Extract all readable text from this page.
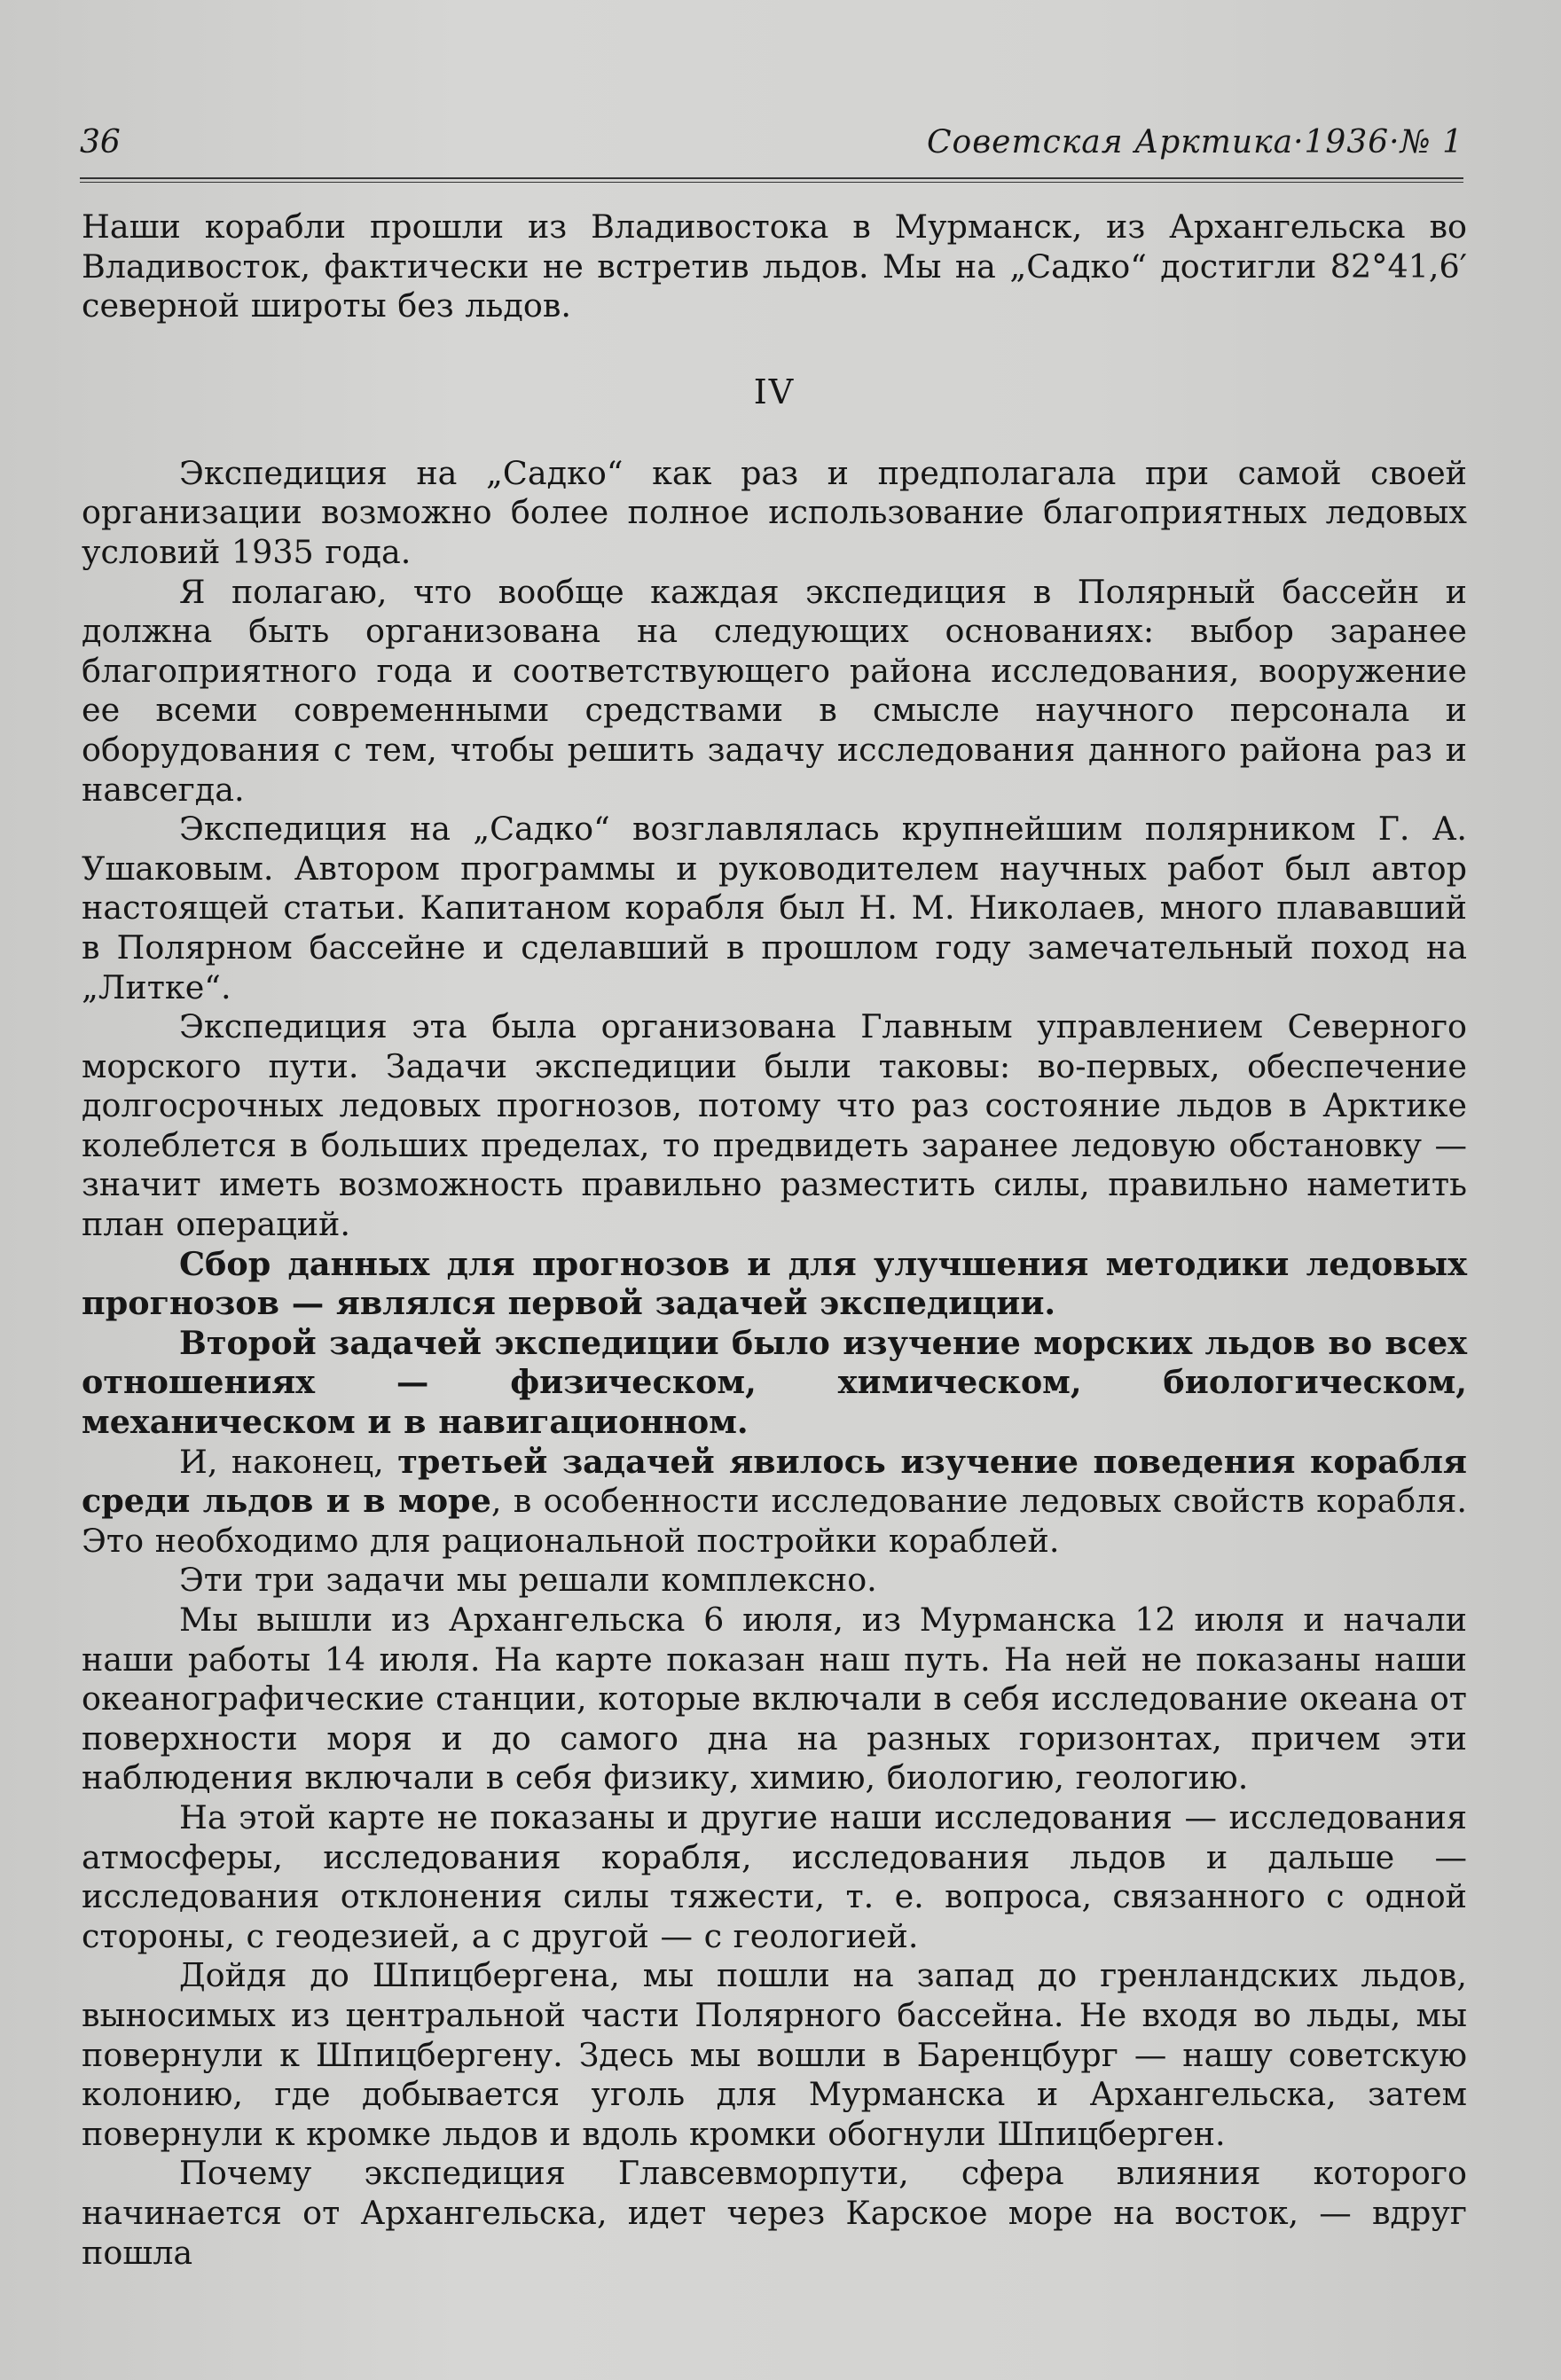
36	Советская Арктика·1936·№ 1

Наши корабли прошли из Владивостока в Мурманск, из Архангельска во Владивосток, фактически не встретив льдов. Мы на „Садко“ достигли 82°41,6′ северной широты без льдов.

IV

Экспедиция на „Садко“ как раз и предполагала при самой своей организации возможно более полное использование благоприятных ледовых условий 1935 года.

Я полагаю, что вообще каждая экспедиция в Полярный бассейн и должна быть организована на следующих основаниях: выбор заранее благоприятного года и соответствующего района исследования, вооружение ее всеми современными средствами в смысле научного персонала и оборудования с тем, чтобы решить задачу исследования данного района раз и навсегда.

Экспедиция на „Садко“ возглавлялась крупнейшим полярником Г. А. Ушаковым. Автором программы и руководителем научных работ был автор настоящей статьи. Капитаном корабля был Н. М. Николаев, много плававший в Полярном бассейне и сделавший в прошлом году замечательный поход на „Литке“.

Экспедиция эта была организована Главным управлением Северного морского пути. Задачи экспедиции были таковы: во-первых, обеспечение долгосрочных ледовых прогнозов, потому что раз состояние льдов в Арктике колеблется в больших пределах, то предвидеть заранее ледовую обстановку — значит иметь возможность правильно разместить силы, правильно наметить план операций.

Сбор данных для прогнозов и для улучшения методики ледовых прогнозов — являлся первой задачей экспедиции.

Второй задачей экспедиции было изучение морских льдов во всех отношениях — физическом, химическом, биологическом, механическом и в навигационном.

И, наконец, третьей задачей явилось изучение поведения корабля среди льдов и в море, в особенности исследование ледовых свойств корабля. Это необходимо для рациональной постройки кораблей.

Эти три задачи мы решали комплексно.

Мы вышли из Архангельска 6 июля, из Мурманска 12 июля и начали наши работы 14 июля. На карте показан наш путь. На ней не показаны наши океанографические станции, которые включали в себя исследование океана от поверхности моря и до самого дна на разных горизонтах, причем эти наблюдения включали в себя физику, химию, биологию, геологию.

На этой карте не показаны и другие наши исследования — исследования атмосферы, исследования корабля, исследования льдов и дальше — исследования отклонения силы тяжести, т. е. вопроса, связанного с одной стороны, с геодезией, а с другой — с геологией.

Дойдя до Шпицбергена, мы пошли на запад до гренландских льдов, выносимых из центральной части Полярного бассейна. Не входя во льды, мы повернули к Шпицбергену. Здесь мы вошли в Баренцбург — нашу советскую колонию, где добывается уголь для Мурманска и Архангельска, затем повернули к кромке льдов и вдоль кромки обогнули Шпицберген.

Почему экспедиция Главсевморпути, сфера влияния которого начинается от Архангельска, идет через Карское море на восток, — вдруг пошла
